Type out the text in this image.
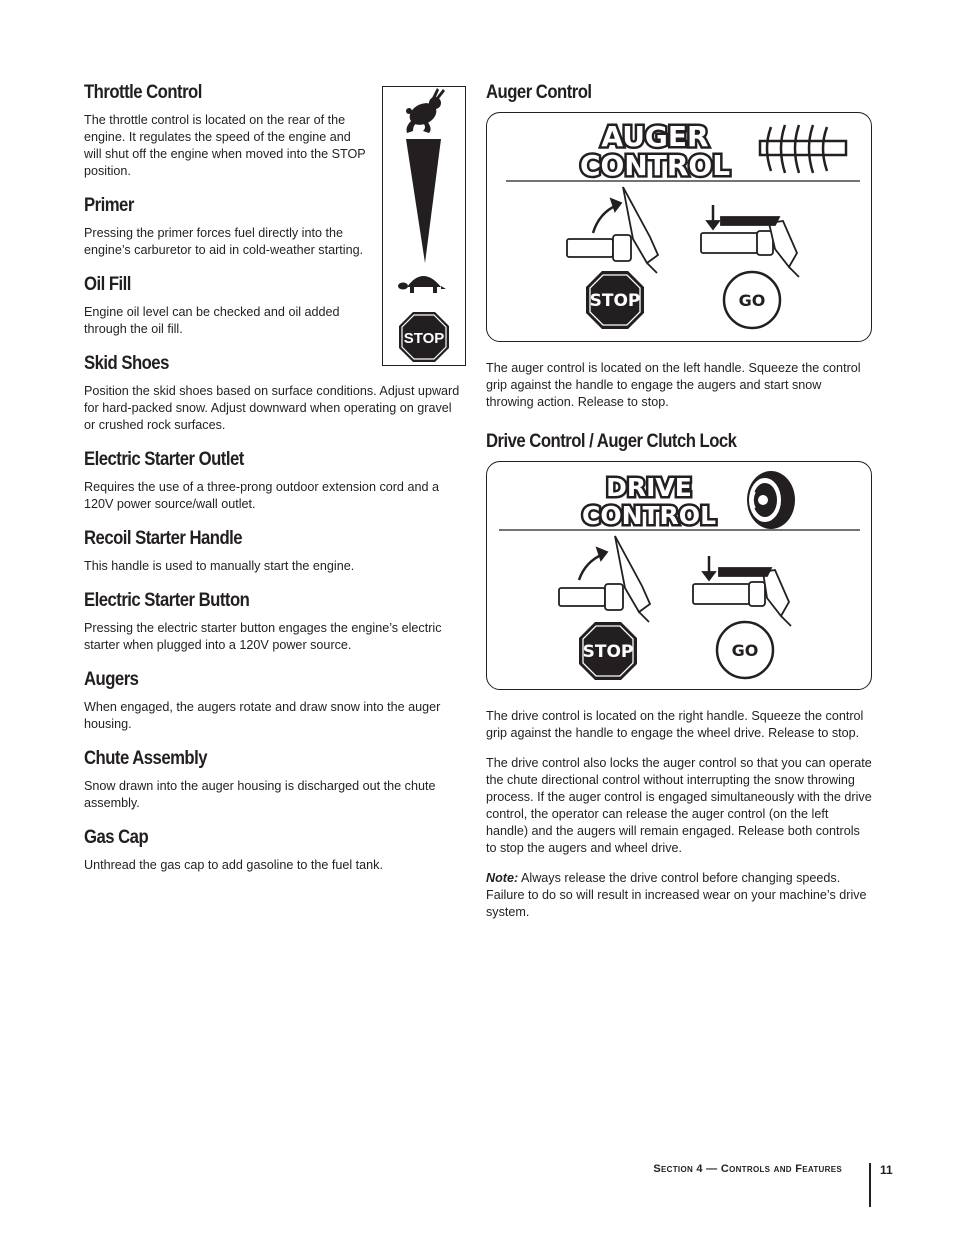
Throttle Control

The throttle control is located on the rear of the engine. It regulates the speed of the engine and will shut off the engine when moved into the STOP position.

Primer

Pressing the primer forces fuel directly into the engine’s carburetor to aid in cold-weather starting.

Oil Fill

Engine oil level can be checked and oil added through the oil fill.

Skid Shoes

Position the skid shoes based on surface conditions. Adjust upward for hard-packed snow. Adjust downward when operating on gravel or crushed rock surfaces.

Electric Starter Outlet

Requires the use of a three-prong outdoor extension cord and a 120V power source/wall outlet.

Recoil Starter Handle

This handle is used to manually start the engine.

Electric Starter Button

Pressing the electric starter button engages the engine’s electric starter when plugged into a 120V power source.

Augers

When engaged, the augers rotate and draw snow into the auger housing.

Chute Assembly

Snow drawn into the auger housing is discharged out the chute assembly.

Gas Cap

Unthread the gas cap to add gasoline to the fuel tank.

STOP
Auger Control
AUGER
CONTROL
STOP	GO

The auger control is located on the left handle. Squeeze the control grip against the handle to engage the augers and start snow throwing action. Release to stop.

Drive Control / Auger Clutch Lock
DRIVE
CONTROL
STOP	GO

The drive control is located on the right handle. Squeeze the control grip against the handle to engage the wheel drive. Release to stop.

The drive control also locks the auger control so that you can operate the chute directional control without interrupting the snow throwing process. If the auger control is engaged simultaneously with the drive control, the operator can release the auger control (on the left handle) and the augers will remain engaged. Release both controls to stop the augers and wheel drive.

Note: Always release the drive control before changing speeds. Failure to do so will result in increased wear on your machine’s drive system.

Section 4 — Controls and Features	11
